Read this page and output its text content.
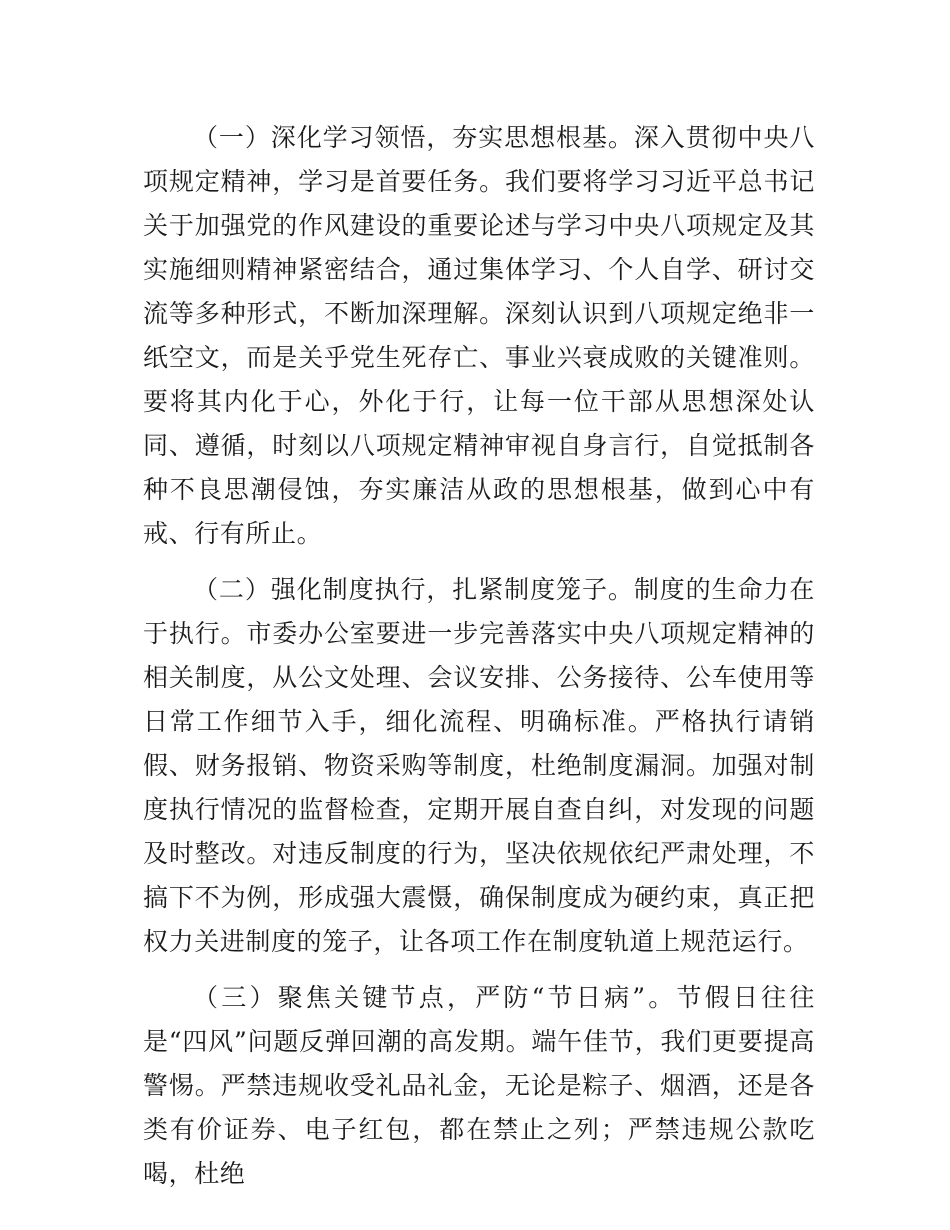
（一）深化学习领悟，夯实思想根基。深入贯彻中央八项规定精神，学习是首要任务。我们要将学习习近平总书记关于加强党的作风建设的重要论述与学习中央八项规定及其实施细则精神紧密结合，通过集体学习、个人自学、研讨交流等多种形式，不断加深理解。深刻认识到八项规定绝非一纸空文，而是关乎党生死存亡、事业兴衰成败的关键准则。要将其内化于心，外化于行，让每一位干部从思想深处认同、遵循，时刻以八项规定精神审视自身言行，自觉抵制各种不良思潮侵蚀，夯实廉洁从政的思想根基，做到心中有戒、行有所止。

（二）强化制度执行，扎紧制度笼子。制度的生命力在于执行。市委办公室要进一步完善落实中央八项规定精神的相关制度，从公文处理、会议安排、公务接待、公车使用等日常工作细节入手，细化流程、明确标准。严格执行请销假、财务报销、物资采购等制度，杜绝制度漏洞。加强对制度执行情况的监督检查，定期开展自查自纠，对发现的问题及时整改。对违反制度的行为，坚决依规依纪严肃处理，不搞下不为例，形成强大震慑，确保制度成为硬约束，真正把权力关进制度的笼子，让各项工作在制度轨道上规范运行。

（三）聚焦关键节点，严防“节日病”。节假日往往是“四风”问题反弹回潮的高发期。端午佳节，我们更要提高警惕。严禁违规收受礼品礼金，无论是粽子、烟酒，还是各类有价证券、电子红包，都在禁止之列；严禁违规公款吃喝，杜绝
